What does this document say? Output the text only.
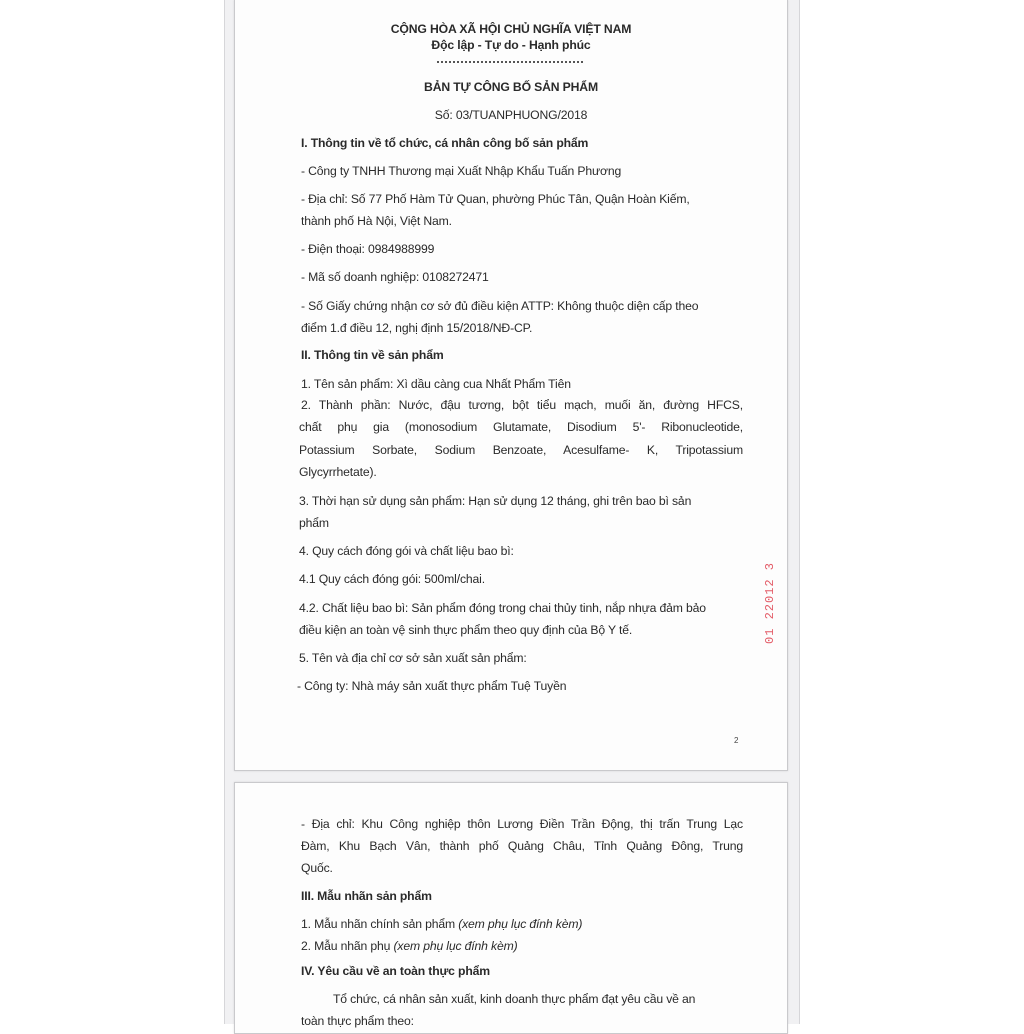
CỘNG HÒA XÃ HỘI CHỦ NGHĨA VIỆT NAM
Độc lập - Tự do - Hạnh phúc
BẢN TỰ CÔNG BỐ SẢN PHẨM
Số: 03/TUANPHUONG/2018
I. Thông tin về tổ chức, cá nhân công bố sản phẩm
- Công ty TNHH Thương mại Xuất Nhập Khẩu Tuấn Phương
- Địa chỉ: Số 77 Phố Hàm Tử Quan, phường Phúc Tân, Quận Hoàn Kiếm,
thành phố Hà Nội, Việt Nam.
- Điện thoại: 0984988999
- Mã số doanh nghiệp: 0108272471
- Số Giấy chứng nhận cơ sở đủ điều kiện ATTP: Không thuộc diện cấp theo
điểm 1.đ điều 12, nghị định 15/2018/NĐ-CP.
II. Thông tin về sản phẩm
1. Tên sản phẩm: Xì dầu càng cua Nhất Phẩm Tiên
2. Thành phần: Nước, đậu tương, bột tiểu mạch, muối ăn, đường HFCS,
chất phụ gia (monosodium Glutamate, Disodium 5'- Ribonucleotide,
Potassium Sorbate, Sodium Benzoate, Acesulfame- K, Tripotassium
Glycyrrhetate).
3. Thời hạn sử dụng sản phẩm: Hạn sử dụng 12 tháng, ghi trên bao bì sản
phẩm
4. Quy cách đóng gói và chất liệu bao bì:
4.1 Quy cách đóng gói: 500ml/chai.
4.2. Chất liệu bao bì: Sản phẩm đóng trong chai thủy tinh, nắp nhựa đảm bảo
điều kiện an toàn vệ sinh thực phẩm theo quy định của Bộ Y tế.
5. Tên và địa chỉ cơ sở sản xuất sản phẩm:
- Công ty: Nhà máy sản xuất thực phẩm Tuệ Tuyền
2
01 22012 3
- Địa chỉ: Khu Công nghiệp thôn Lương Điền Trần Động, thị trấn Trung Lạc
Đàm, Khu Bạch Vân, thành phố Quảng Châu, Tỉnh Quảng Đông, Trung
Quốc.
III. Mẫu nhãn sản phẩm
1. Mẫu nhãn chính sản phẩm (xem phụ lục đính kèm)
2. Mẫu nhãn phụ (xem phụ lục đính kèm)
IV. Yêu cầu về an toàn thực phẩm
Tổ chức, cá nhân sản xuất, kinh doanh thực phẩm đạt yêu cầu về an
toàn thực phẩm theo:
